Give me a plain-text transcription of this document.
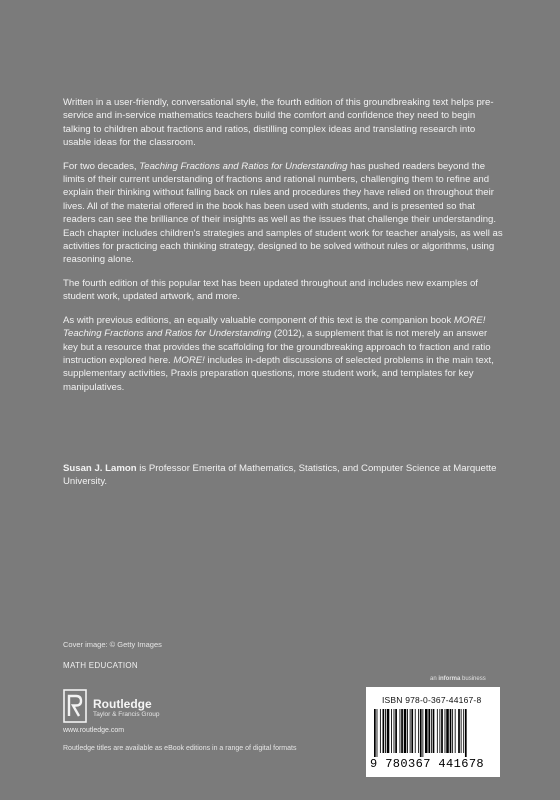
Written in a user-friendly, conversational style, the fourth edition of this groundbreaking text helps pre-service and in-service mathematics teachers build the comfort and confidence they need to begin talking to children about fractions and ratios, distilling complex ideas and translating research into usable ideas for the classroom.

For two decades, Teaching Fractions and Ratios for Understanding has pushed readers beyond the limits of their current understanding of fractions and rational numbers, challenging them to refine and explain their thinking without falling back on rules and procedures they have relied on throughout their lives. All of the material offered in the book has been used with students, and is presented so that readers can see the brilliance of their insights as well as the issues that challenge their understanding. Each chapter includes children's strategies and samples of student work for teacher analysis, as well as activities for practicing each thinking strategy, designed to be solved without rules or algorithms, using reasoning alone.

The fourth edition of this popular text has been updated throughout and includes new examples of student work, updated artwork, and more.

As with previous editions, an equally valuable component of this text is the companion book MORE! Teaching Fractions and Ratios for Understanding (2012), a supplement that is not merely an answer key but a resource that provides the scaffolding for the groundbreaking approach to fraction and ratio instruction explored here. MORE! includes in-depth discussions of selected problems in the main text, supplementary activities, Praxis preparation questions, more student work, and templates for key manipulatives.

Susan J. Lamon is Professor Emerita of Mathematics, Statistics, and Computer Science at Marquette University.
Cover image: © Getty Images
MATH EDUCATION
Routledge
Taylor & Francis Group
www.routledge.com
Routledge titles are available as eBook editions in a range of digital formats
an informa business
ISBN 978-0-367-44167-8
9 780367 441678
